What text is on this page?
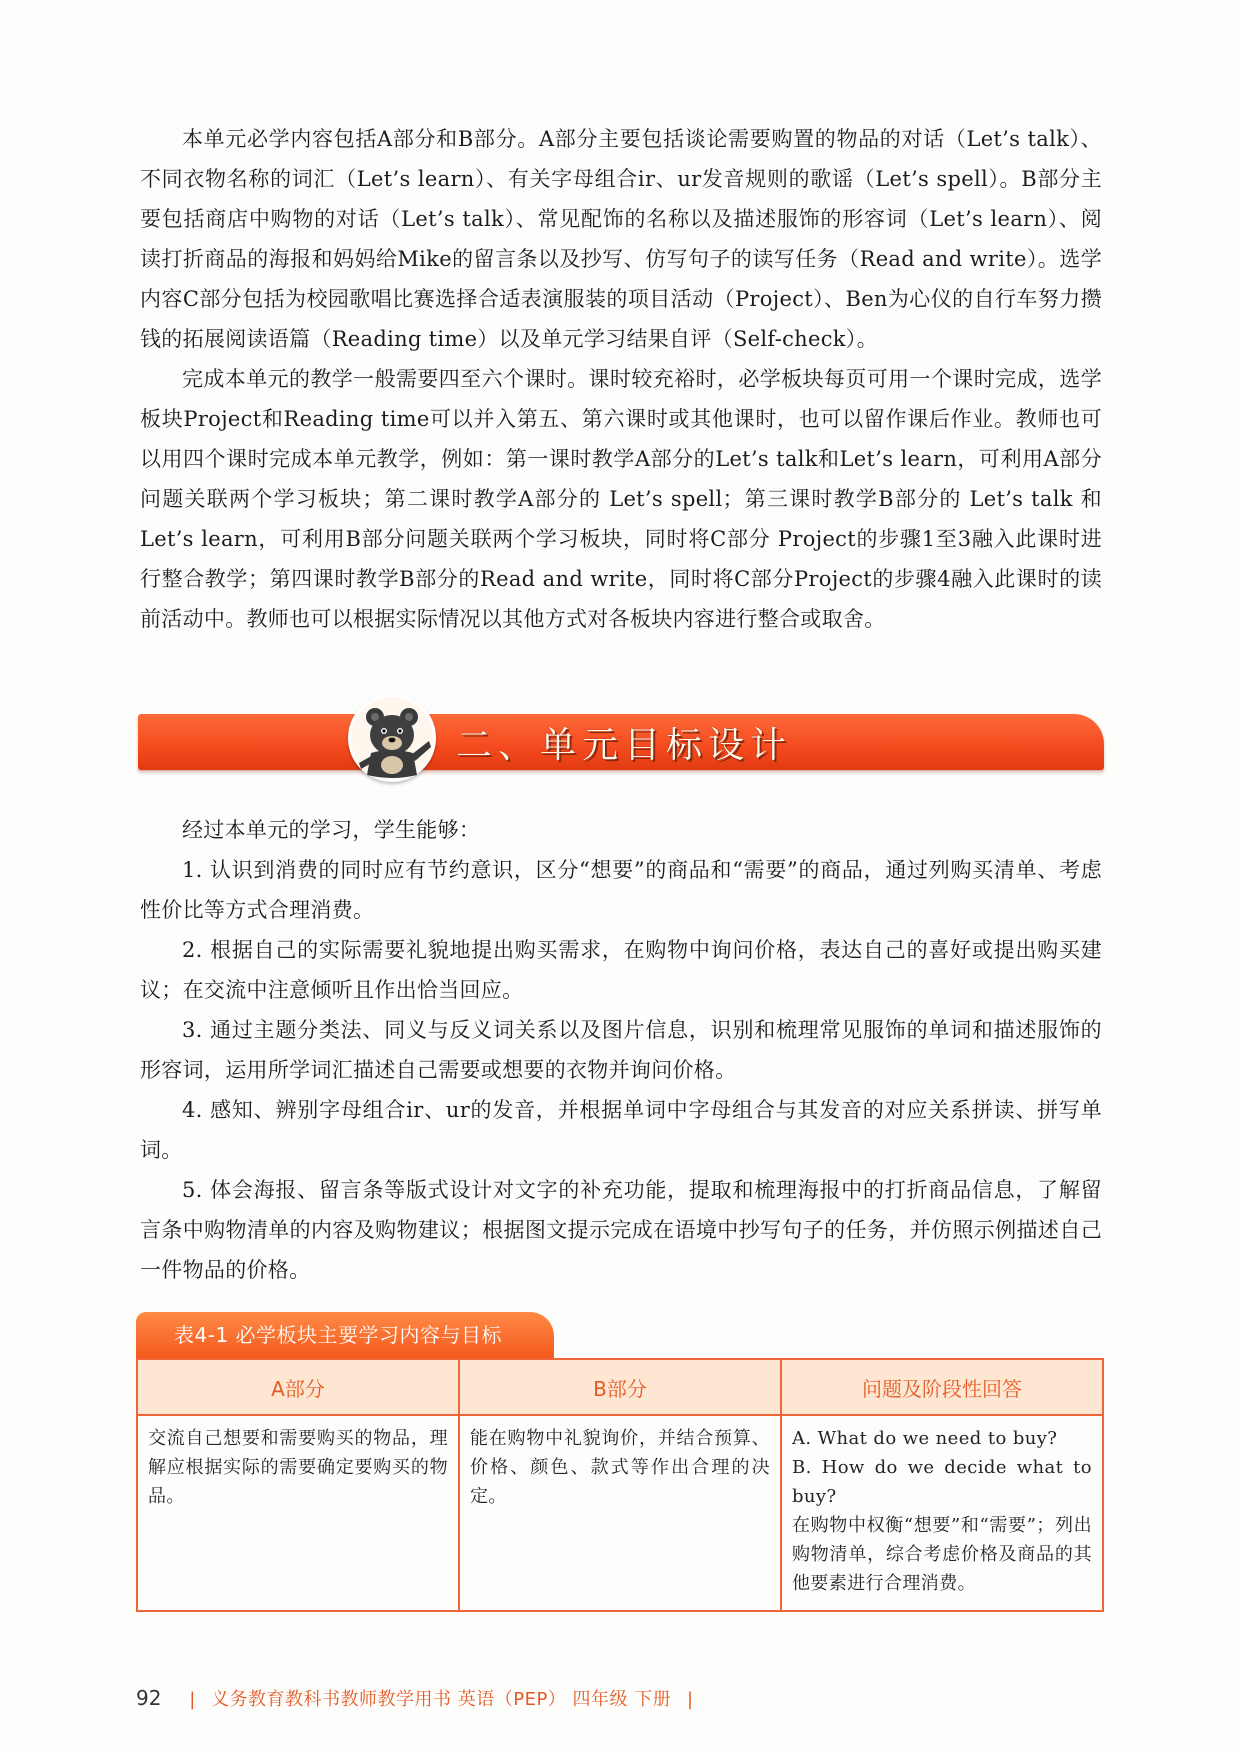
本单元必学内容包括A部分和B部分。A部分主要包括谈论需要购置的物品的对话（Let’s talk）、不同衣物名称的词汇（Let’s learn）、有关字母组合ir、ur发音规则的歌谣（Let’s spell）。B部分主要包括商店中购物的对话（Let’s talk）、常见配饰的名称以及描述服饰的形容词（Let’s learn）、阅读打折商品的海报和妈妈给Mike的留言条以及抄写、仿写句子的读写任务（Read and write）。选学内容C部分包括为校园歌唱比赛选择合适表演服装的项目活动（Project）、Ben为心仪的自行车努力攒钱的拓展阅读语篇（Reading time）以及单元学习结果自评（Self-check）。

完成本单元的教学一般需要四至六个课时。课时较充裕时，必学板块每页可用一个课时完成，选学板块Project和Reading time可以并入第五、第六课时或其他课时，也可以留作课后作业。教师也可以用四个课时完成本单元教学，例如：第一课时教学A部分的Let’s talk和Let’s learn，可利用A部分问题关联两个学习板块；第二课时教学A部分的 Let’s spell；第三课时教学B部分的 Let’s talk 和 Let’s learn，可利用B部分问题关联两个学习板块，同时将C部分 Project的步骤1至3融入此课时进行整合教学；第四课时教学B部分的Read and write，同时将C部分Project的步骤4融入此课时的读前活动中。教师也可以根据实际情况以其他方式对各板块内容进行整合或取舍。

二、单元目标设计

经过本单元的学习，学生能够：

1. 认识到消费的同时应有节约意识，区分“想要”的商品和“需要”的商品，通过列购买清单、考虑性价比等方式合理消费。

2. 根据自己的实际需要礼貌地提出购买需求，在购物中询问价格，表达自己的喜好或提出购买建议；在交流中注意倾听且作出恰当回应。

3. 通过主题分类法、同义与反义词关系以及图片信息，识别和梳理常见服饰的单词和描述服饰的形容词，运用所学词汇描述自己需要或想要的衣物并询问价格。

4. 感知、辨别字母组合ir、ur的发音，并根据单词中字母组合与其发音的对应关系拼读、拼写单词。

5. 体会海报、留言条等版式设计对文字的补充功能，提取和梳理海报中的打折商品信息，了解留言条中购物清单的内容及购物建议；根据图文提示完成在语境中抄写句子的任务，并仿照示例描述自己一件物品的价格。

表4-1 必学板块主要学习内容与目标
A部分	B部分	问题及阶段性回答
交流自己想要和需要购买的物品，理解应根据实际的需要确定要购买的物品。	能在购物中礼貌询价，并结合预算、价格、颜色、款式等作出合理的决定。	A. What do we need to buy?
B. How do we decide what to buy?
在购物中权衡“想要”和“需要”；列出购物清单，综合考虑价格及商品的其他要素进行合理消费。
92 | 义务教育教科书教师教学用书 英语（PEP） 四年级 下册 |
